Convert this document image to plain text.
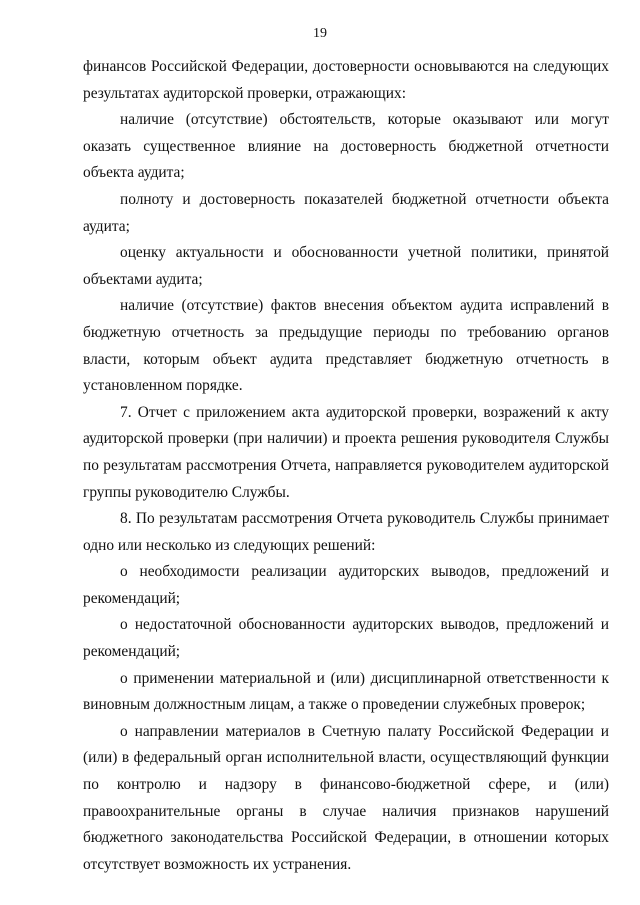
19

финансов Российской Федерации, достоверности основываются на следующих результатах аудиторской проверки, отражающих:

наличие (отсутствие) обстоятельств, которые оказывают или могут оказать существенное влияние на достоверность бюджетной отчетности объекта аудита;

полноту и достоверность показателей бюджетной отчетности объекта аудита;

оценку актуальности и обоснованности учетной политики, принятой объектами аудита;

наличие (отсутствие) фактов внесения объектом аудита исправлений в бюджетную отчетность за предыдущие периоды по требованию органов власти, которым объект аудита представляет бюджетную отчетность в установленном порядке.

7. Отчет с приложением акта аудиторской проверки, возражений к акту аудиторской проверки (при наличии) и проекта решения руководителя Службы по результатам рассмотрения Отчета, направляется руководителем аудиторской группы руководителю Службы.

8. По результатам рассмотрения Отчета руководитель Службы принимает одно или несколько из следующих решений:

о необходимости реализации аудиторских выводов, предложений и рекомендаций;

о недостаточной обоснованности аудиторских выводов, предложений и рекомендаций;

о применении материальной и (или) дисциплинарной ответственности к виновным должностным лицам, а также о проведении служебных проверок;

о направлении материалов в Счетную палату Российской Федерации и (или) в федеральный орган исполнительной власти, осуществляющий функции по контролю и надзору в финансово-бюджетной сфере, и (или) правоохранительные органы в случае наличия признаков нарушений бюджетного законодательства Российской Федерации, в отношении которых отсутствует возможность их устранения.
